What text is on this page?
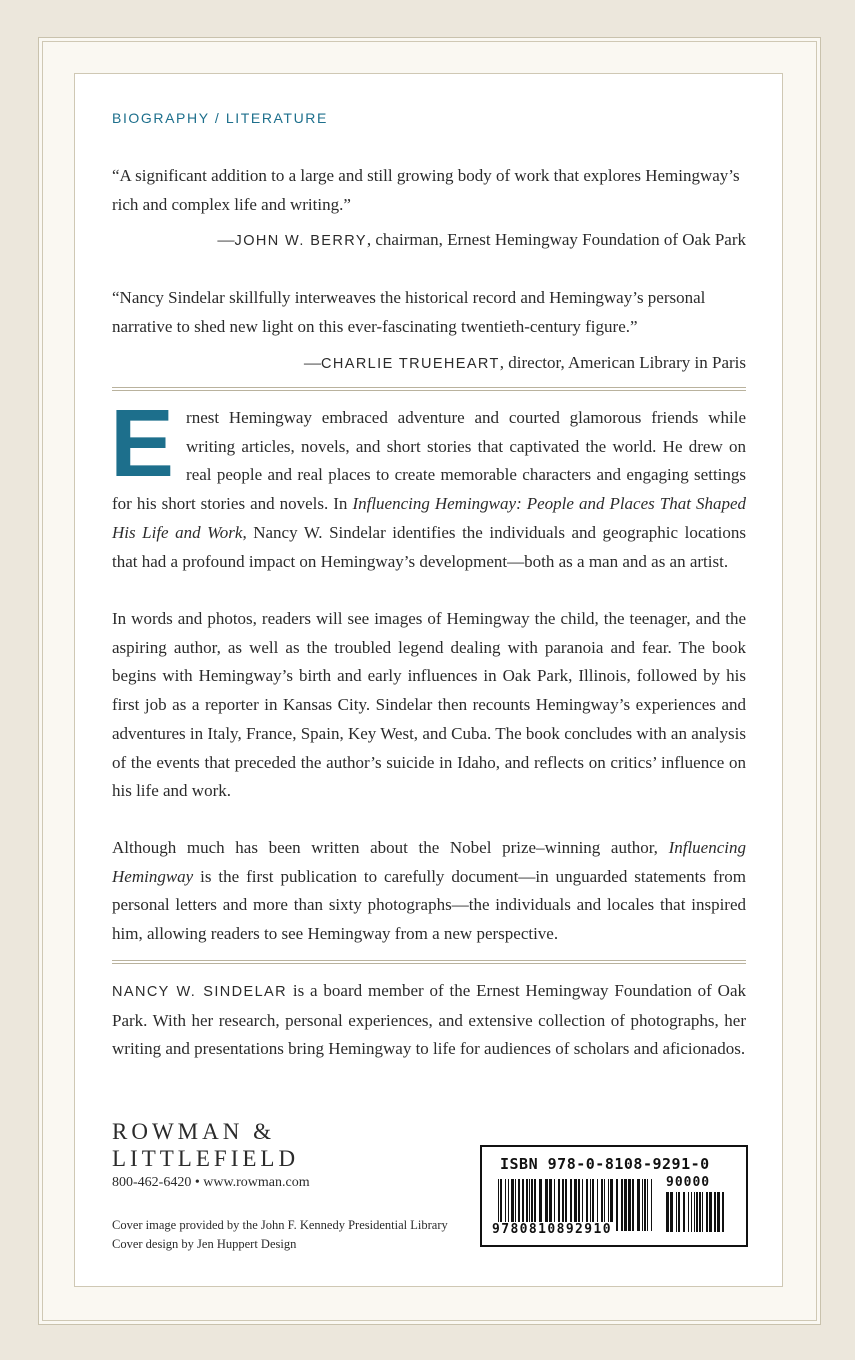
BIOGRAPHY / LITERATURE
“A significant addition to a large and still growing body of work that explores Hemingway’s rich and complex life and writing.”
—JOHN W. BERRY, chairman, Ernest Hemingway Foundation of Oak Park
“Nancy Sindelar skillfully interweaves the historical record and Hemingway’s personal narrative to shed new light on this ever-fascinating twentieth-century figure.”
—CHARLIE TRUEHEART, director, American Library in Paris
Ernest Hemingway embraced adventure and courted glamorous friends while writing articles, novels, and short stories that captivated the world. He drew on real people and real places to create memorable characters and engaging settings for his short stories and novels. In Influencing Hemingway: People and Places That Shaped His Life and Work, Nancy W. Sindelar identifies the individuals and geographic locations that had a profound impact on Hemingway’s development—both as a man and as an artist.
In words and photos, readers will see images of Hemingway the child, the teenager, and the aspiring author, as well as the troubled legend dealing with paranoia and fear. The book begins with Hemingway’s birth and early influences in Oak Park, Illinois, followed by his first job as a reporter in Kansas City. Sindelar then recounts Hemingway’s experiences and adventures in Italy, France, Spain, Key West, and Cuba. The book concludes with an analysis of the events that preceded the author’s suicide in Idaho, and reflects on critics’ influence on his life and work.
Although much has been written about the Nobel prize–winning author, Influencing Hemingway is the first publication to carefully document—in unguarded statements from personal letters and more than sixty photographs—the individuals and locales that inspired him, allowing readers to see Hemingway from a new perspective.
NANCY W. SINDELAR is a board member of the Ernest Hemingway Foundation of Oak Park. With her research, personal experiences, and extensive collection of photographs, her writing and presentations bring Hemingway to life for audiences of scholars and aficionados.
ROWMAN &
LITTLEFIELD
800-462-6420 • www.rowman.com
Cover image provided by the John F. Kennedy Presidential Library
Cover design by Jen Huppert Design
ISBN 978-0-8108-9291-0
90000
9780810892910
